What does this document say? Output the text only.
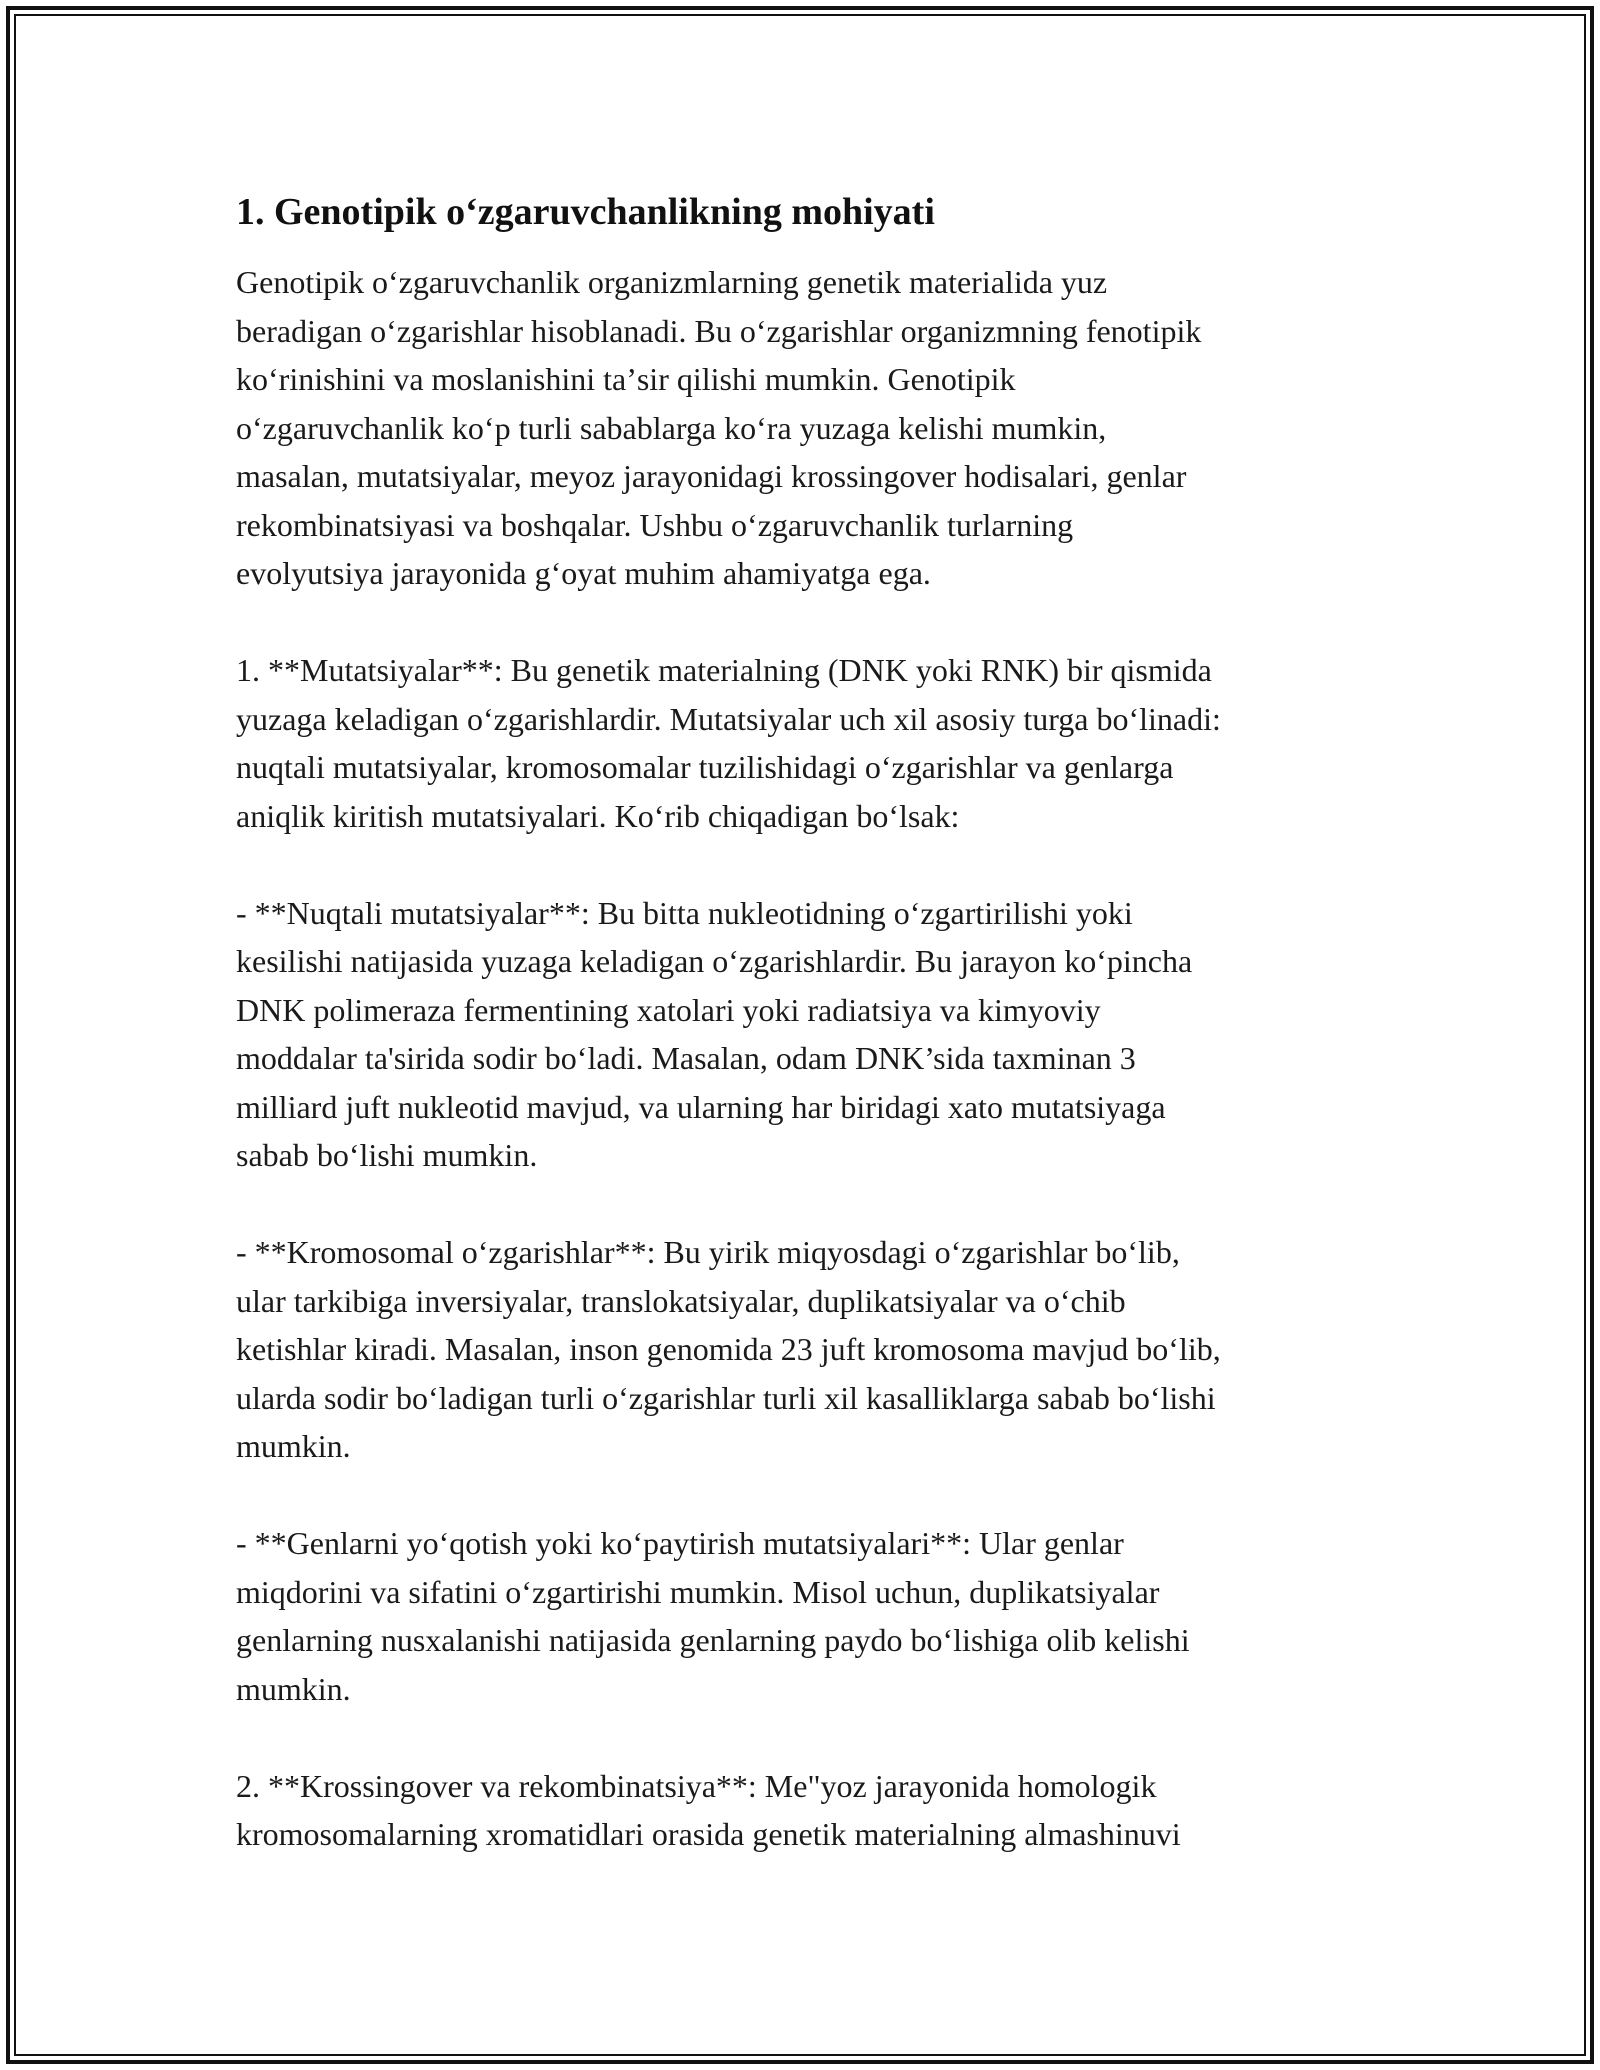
1. Genotipik oʻzgaruvchanlikning mohiyati

Genotipik oʻzgaruvchanlik organizmlarning genetik materialida yuz
beradigan oʻzgarishlar hisoblanadi. Bu oʻzgarishlar organizmning fenotipik
koʻrinishini va moslanishini taʼsir qilishi mumkin. Genotipik
oʻzgaruvchanlik koʻp turli sabablarga koʻra yuzaga kelishi mumkin,
masalan, mutatsiyalar, meyoz jarayonidagi krossingover hodisalari, genlar
rekombinatsiyasi va boshqalar. Ushbu oʻzgaruvchanlik turlarning
evolyutsiya jarayonida gʻoyat muhim ahamiyatga ega.

1. **Mutatsiyalar**: Bu genetik materialning (DNK yoki RNK) bir qismida
yuzaga keladigan oʻzgarishlardir. Mutatsiyalar uch xil asosiy turga boʻlinadi:
nuqtali mutatsiyalar, kromosomalar tuzilishidagi oʻzgarishlar va genlarga
aniqlik kiritish mutatsiyalari. Koʻrib chiqadigan boʻlsak:

- **Nuqtali mutatsiyalar**: Bu bitta nukleotidning oʻzgartirilishi yoki
kesilishi natijasida yuzaga keladigan oʻzgarishlardir. Bu jarayon koʻpincha
DNK polimeraza fermentining xatolari yoki radiatsiya va kimyoviy
moddalar ta'sirida sodir boʻladi. Masalan, odam DNK’sida taxminan 3
milliard juft nukleotid mavjud, va ularning har biridagi xato mutatsiyaga
sabab boʻlishi mumkin.

- **Kromosomal oʻzgarishlar**: Bu yirik miqyosdagi oʻzgarishlar boʻlib,
ular tarkibiga inversiyalar, translokatsiyalar, duplikatsiyalar va oʻchib
ketishlar kiradi. Masalan, inson genomida 23 juft kromosoma mavjud boʻlib,
ularda sodir boʻladigan turli oʻzgarishlar turli xil kasalliklarga sabab boʻlishi
mumkin.

- **Genlarni yoʻqotish yoki koʻpaytirish mutatsiyalari**: Ular genlar
miqdorini va sifatini oʻzgartirishi mumkin. Misol uchun, duplikatsiyalar
genlarning nusxalanishi natijasida genlarning paydo boʻlishiga olib kelishi
mumkin.

2. **Krossingover va rekombinatsiya**: Me"yoz jarayonida homologik
kromosomalarning xromatidlari orasida genetik materialning almashinuvi
